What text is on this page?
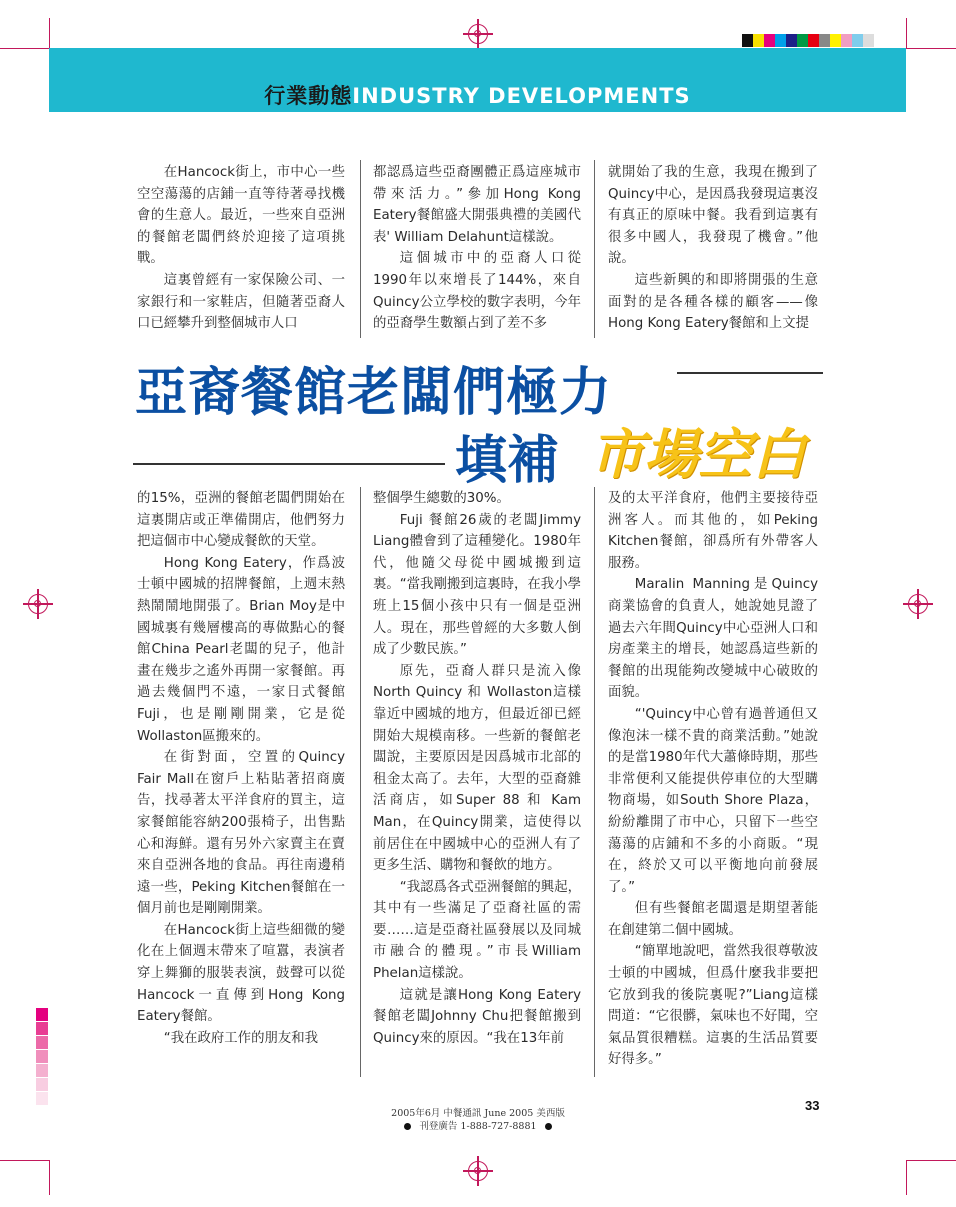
行業動態INDUSTRY DEVELOPMENTS

在Hancock街上，市中心一些空空蕩蕩的店鋪一直等待著尋找機會的生意人。最近，一些來自亞洲的餐館老闆們終於迎接了這項挑戰。

這裏曾經有一家保險公司、一家銀行和一家鞋店，但隨著亞裔人口已經攀升到整個城市人口

都認爲這些亞裔團體正爲這座城市帶來活力。”參加Hong Kong Eatery餐館盛大開張典禮的美國代表' William Delahunt這樣說。

這個城市中的亞裔人口從1990年以來增長了144%，來自Quincy公立學校的數字表明，今年的亞裔學生數額占到了差不多

就開始了我的生意，我現在搬到了Quincy中心，是因爲我發現這裏沒有真正的原味中餐。我看到這裏有很多中國人，我發現了機會。”他說。

這些新興的和即將開張的生意面對的是各種各樣的顧客——像Hong Kong Eatery餐館和上文提

亞裔餐館老闆們極力
填補 市場空白

的15%，亞洲的餐館老闆們開始在這裏開店或正準備開店，他們努力把這個市中心變成餐飲的天堂。

Hong Kong Eatery，作爲波士頓中國城的招牌餐館，上週末熱熱鬧鬧地開張了。Brian Moy是中國城裏有幾層樓高的專做點心的餐館China Pearl老闆的兒子，他計畫在幾步之遙外再開一家餐館。再過去幾個門不遠，一家日式餐館Fuji，也是剛剛開業，它是從Wollaston區搬來的。

在街對面，空置的Quincy Fair Mall在窗戶上粘貼著招商廣告，找尋著太平洋食府的買主，這家餐館能容納200張椅子，出售點心和海鮮。還有另外六家賣主在賣來自亞洲各地的食品。再往南邊稍遠一些，Peking Kitchen餐館在一個月前也是剛剛開業。

在Hancock街上這些細微的變化在上個週末帶來了喧囂，表演者穿上舞獅的服裝表演，鼓聲可以從Hancock一直傳到Hong Kong Eatery餐館。

“我在政府工作的朋友和我

整個學生總數的30%。

Fuji 餐館26歲的老闆Jimmy Liang體會到了這種變化。1980年代，他隨父母從中國城搬到這裏。“當我剛搬到這裏時，在我小學班上15個小孩中只有一個是亞洲人。現在，那些曾經的大多數人倒成了少數民族。”

原先，亞裔人群只是流入像North Quincy 和 Wollaston這樣靠近中國城的地方，但最近卻已經開始大規模南移。一些新的餐館老闆說，主要原因是因爲城市北部的租金太高了。去年，大型的亞裔雜活商店，如Super 88 和 Kam Man，在Quincy開業，這使得以前居住在中國城中心的亞洲人有了更多生活、購物和餐飲的地方。

“我認爲各式亞洲餐館的興起，其中有一些滿足了亞裔社區的需要……這是亞裔社區發展以及同城市融合的體現。”市長William Phelan這樣說。

這就是讓Hong Kong Eatery餐館老闆Johnny Chu把餐館搬到Quincy來的原因。“我在13年前

及的太平洋食府，他們主要接待亞洲客人。而其他的，如Peking Kitchen餐館，卻爲所有外帶客人服務。

Maralin Manning是Quincy商業協會的負責人，她說她見證了過去六年間Quincy中心亞洲人口和房產業主的增長，她認爲這些新的餐館的出現能夠改變城中心破敗的面貌。

“'Quincy中心曾有過普通但又像泡沫一樣不貴的商業活動。”她說的是當1980年代大蕭條時期，那些非常便利又能提供停車位的大型購物商場，如South Shore Plaza，紛紛離開了市中心，只留下一些空蕩蕩的店鋪和不多的小商販。“現在，終於又可以平衡地向前發展了。”

但有些餐館老闆還是期望著能在創建第二個中國城。

“簡單地說吧，當然我很尊敬波士頓的中國城，但爲什麼我非要把它放到我的後院裏呢?”Liang這樣問道：“它很髒，氣味也不好聞，空氣品質很糟糕。這裏的生活品質要好得多。”

2005年6月 中餐通訊 June 2005 美西版
刊登廣告 1-888-727-8881
33
